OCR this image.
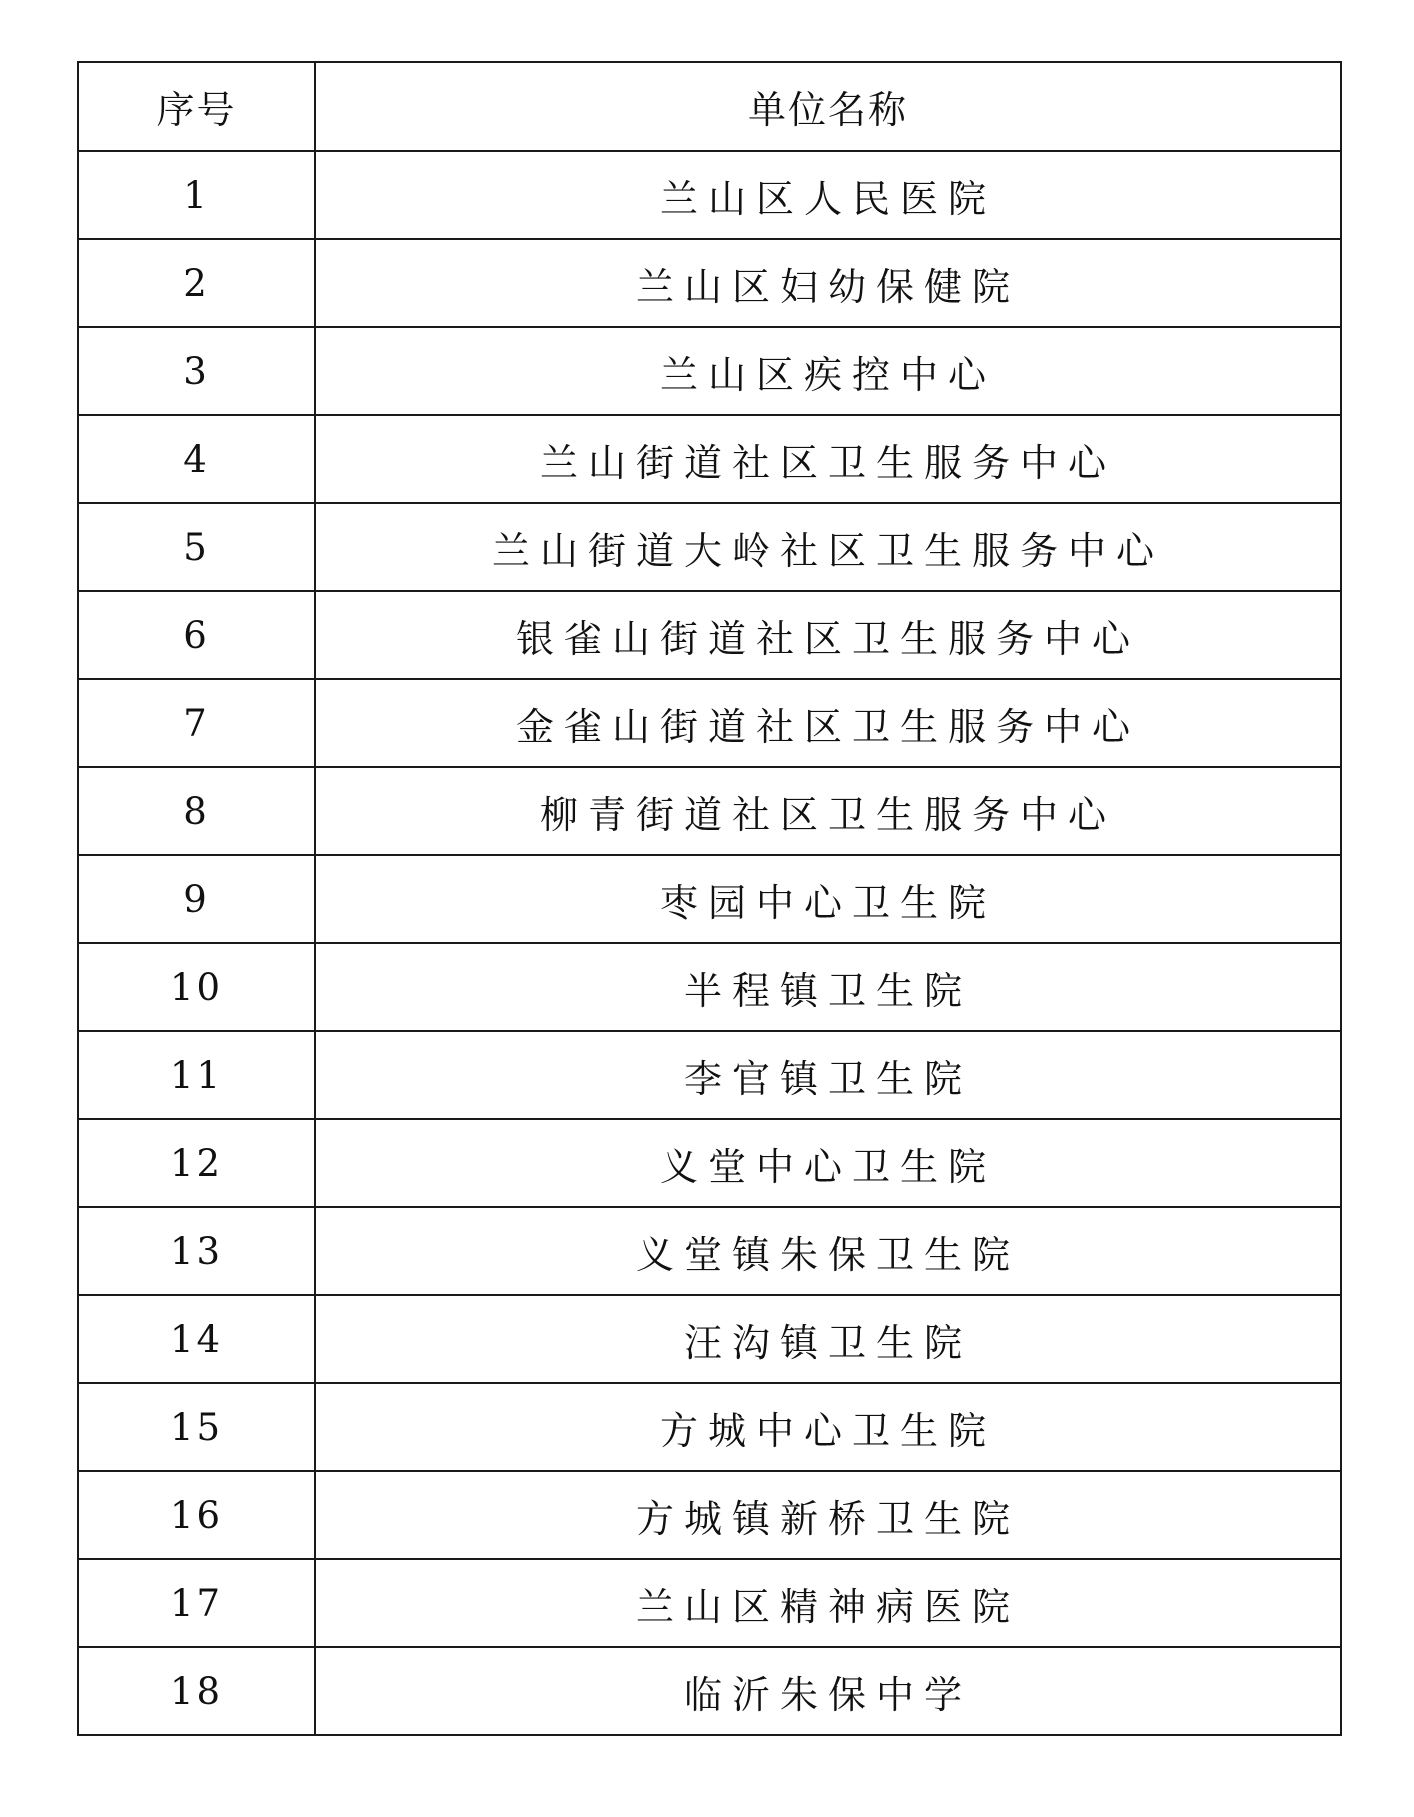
序号	单位名称
1	兰山区人民医院
2	兰山区妇幼保健院
3	兰山区疾控中心
4	兰山街道社区卫生服务中心
5	兰山街道大岭社区卫生服务中心
6	银雀山街道社区卫生服务中心
7	金雀山街道社区卫生服务中心
8	柳青街道社区卫生服务中心
9	枣园中心卫生院
10	半程镇卫生院
11	李官镇卫生院
12	义堂中心卫生院
13	义堂镇朱保卫生院
14	汪沟镇卫生院
15	方城中心卫生院
16	方城镇新桥卫生院
17	兰山区精神病医院
18	临沂朱保中学
